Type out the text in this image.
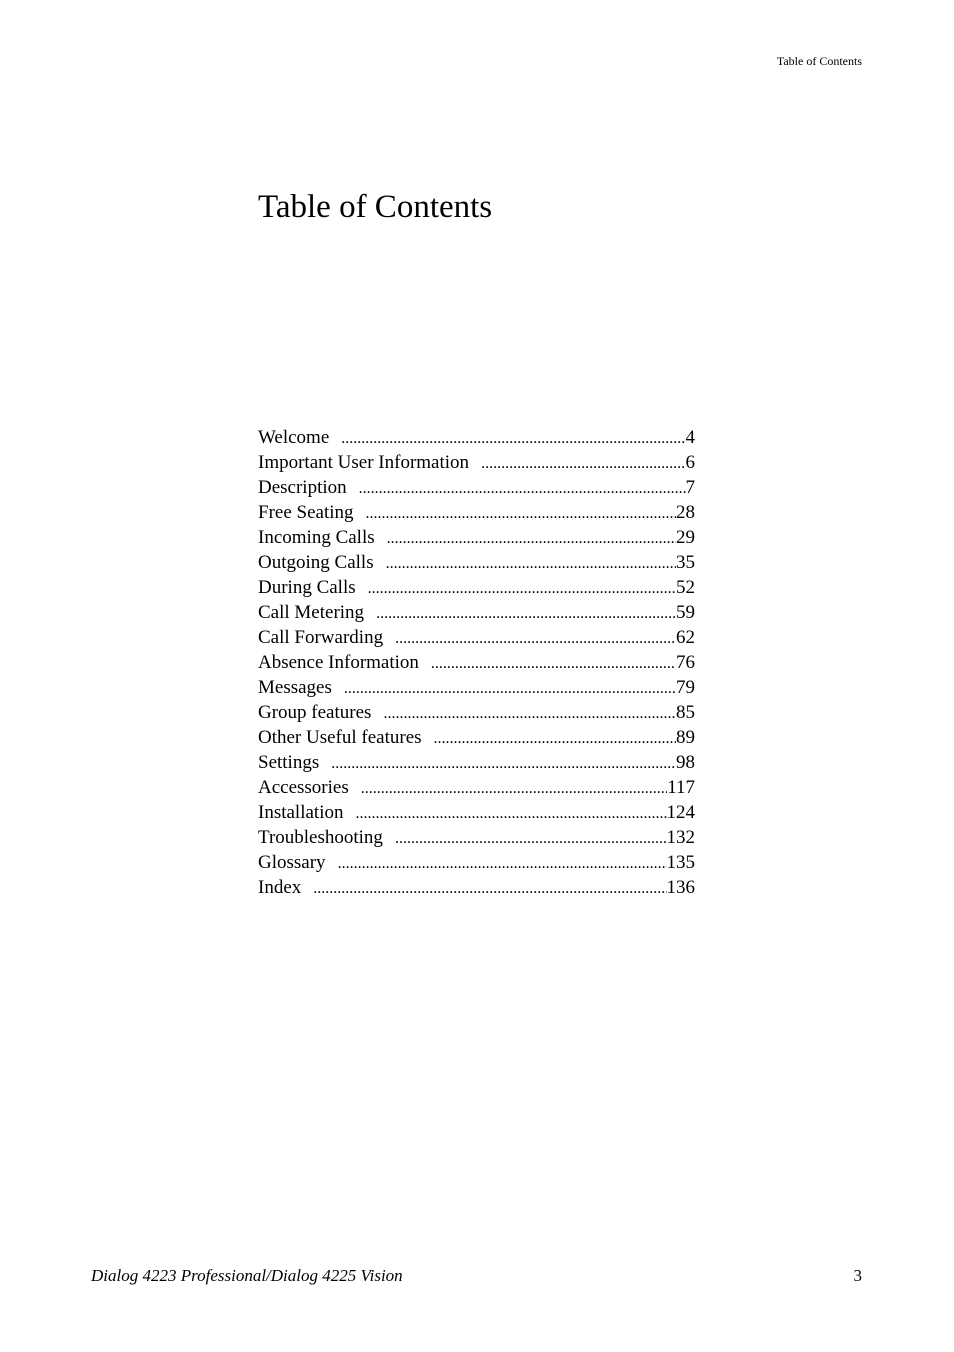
Table of Contents
Table of Contents
Welcome .....	4
Important User Information .....	6
Description .....	7
Free Seating .....	28
Incoming Calls .....	29
Outgoing Calls .....	35
During Calls .....	52
Call Metering .....	59
Call Forwarding .....	62
Absence Information .....	76
Messages .....	79
Group features .....	85
Other Useful features .....	89
Settings .....	98
Accessories .....	117
Installation .....	124
Troubleshooting .....	132
Glossary .....	135
Index .....	136
Dialog 4223 Professional/Dialog 4225 Vision	3
